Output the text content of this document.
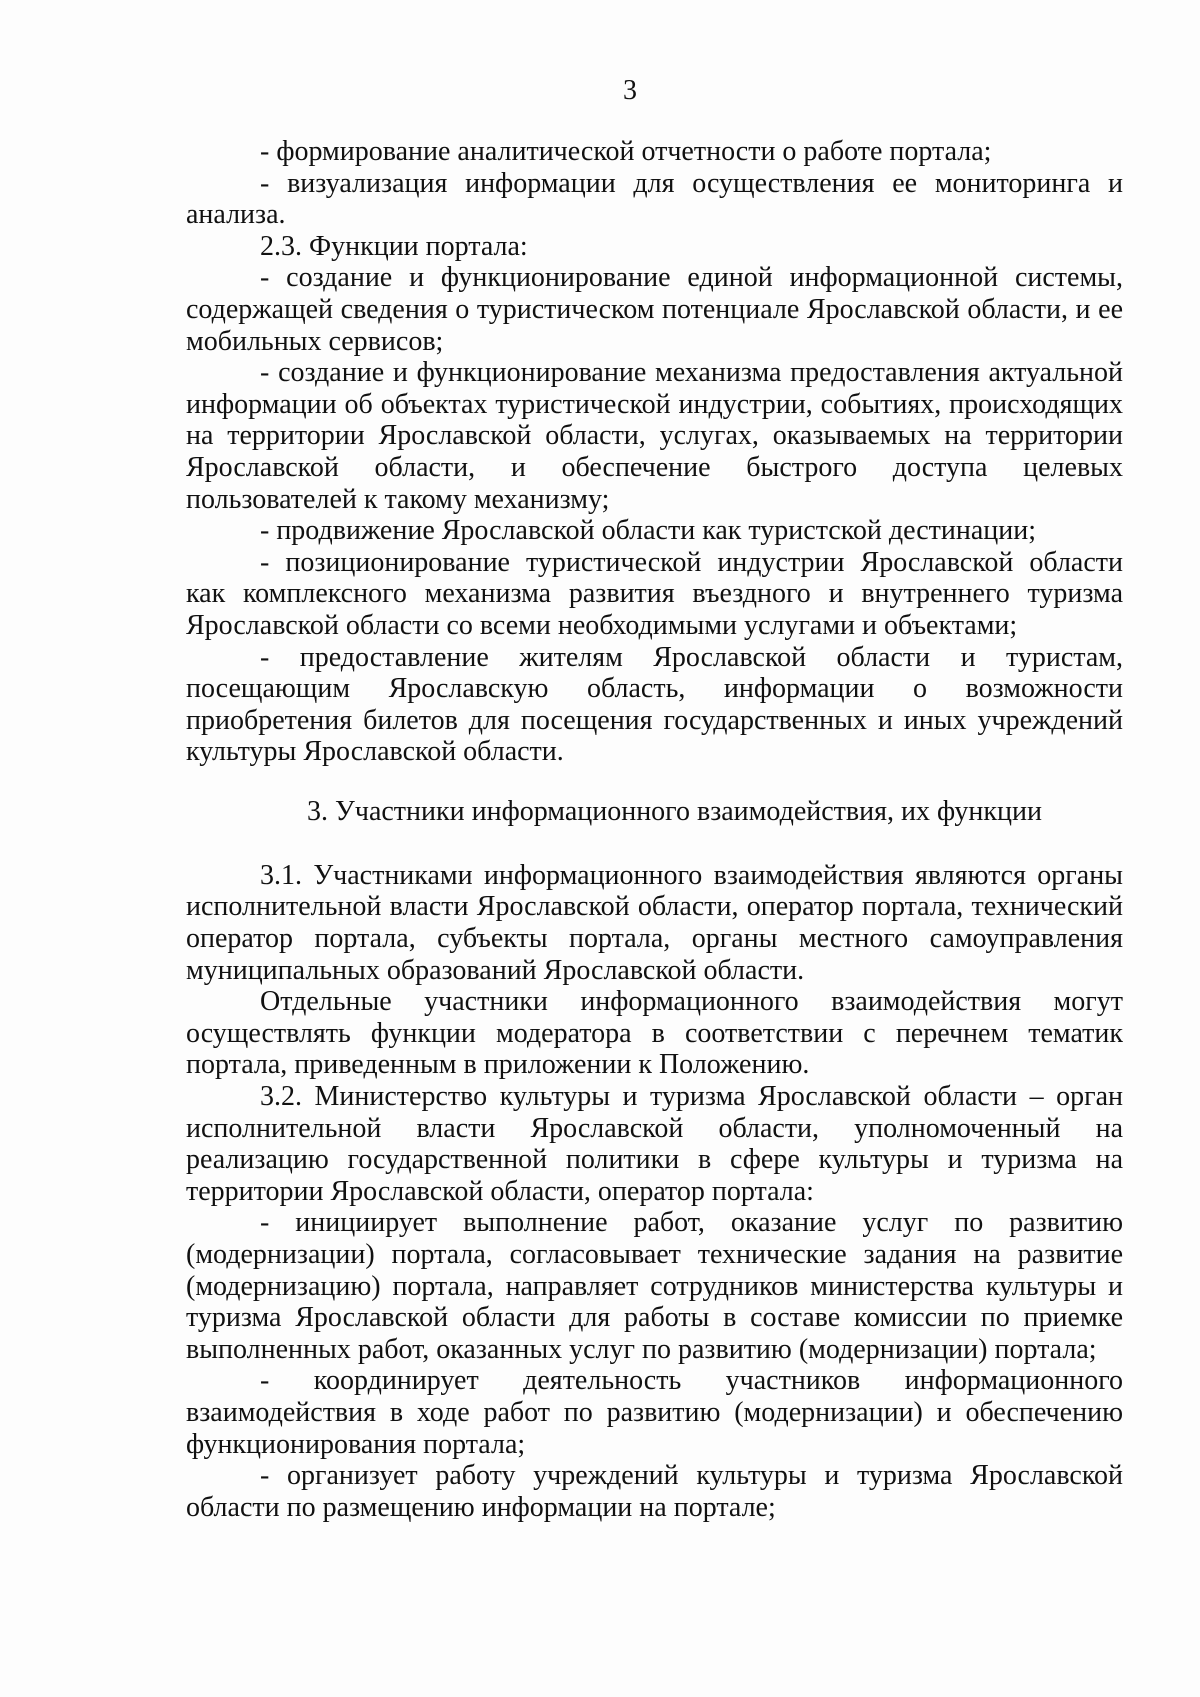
3

- формирование аналитической отчетности о работе портала;

- визуализация информации для осуществления ее мониторинга и анализа.

2.3. Функции портала:

- создание и функционирование единой информационной системы, содержащей сведения о туристическом потенциале Ярославской области, и ее мобильных сервисов;

- создание и функционирование механизма предоставления актуальной информации об объектах туристической индустрии, событиях, происходящих на территории Ярославской области, услугах, оказываемых на территории Ярославской области, и обеспечение быстрого доступа целевых пользователей к такому механизму;

- продвижение Ярославской области как туристской дестинации;

- позиционирование туристической индустрии Ярославской области как комплексного механизма развития въездного и внутреннего туризма Ярославской области со всеми необходимыми услугами и объектами;

- предоставление жителям Ярославской области и туристам, посещающим Ярославскую область, информации о возможности приобретения билетов для посещения государственных и иных учреждений культуры Ярославской области.

3. Участники информационного взаимодействия, их функции

3.1. Участниками информационного взаимодействия являются органы исполнительной власти Ярославской области, оператор портала, технический оператор портала, субъекты портала, органы местного самоуправления муниципальных образований Ярославской области.

Отдельные участники информационного взаимодействия могут осуществлять функции модератора в соответствии с перечнем тематик портала, приведенным в приложении к Положению.

3.2. Министерство культуры и туризма Ярославской области – орган исполнительной власти Ярославской области, уполномоченный на реализацию государственной политики в сфере культуры и туризма на территории Ярославской области, оператор портала:

- инициирует выполнение работ, оказание услуг по развитию (модернизации) портала, согласовывает технические задания на развитие (модернизацию) портала, направляет сотрудников министерства культуры и туризма Ярославской области для работы в составе комиссии по приемке выполненных работ, оказанных услуг по развитию (модернизации) портала;

- координирует деятельность участников информационного взаимодействия в ходе работ по развитию (модернизации) и обеспечению функционирования портала;

- организует работу учреждений культуры и туризма Ярославской области по размещению информации на портале;
